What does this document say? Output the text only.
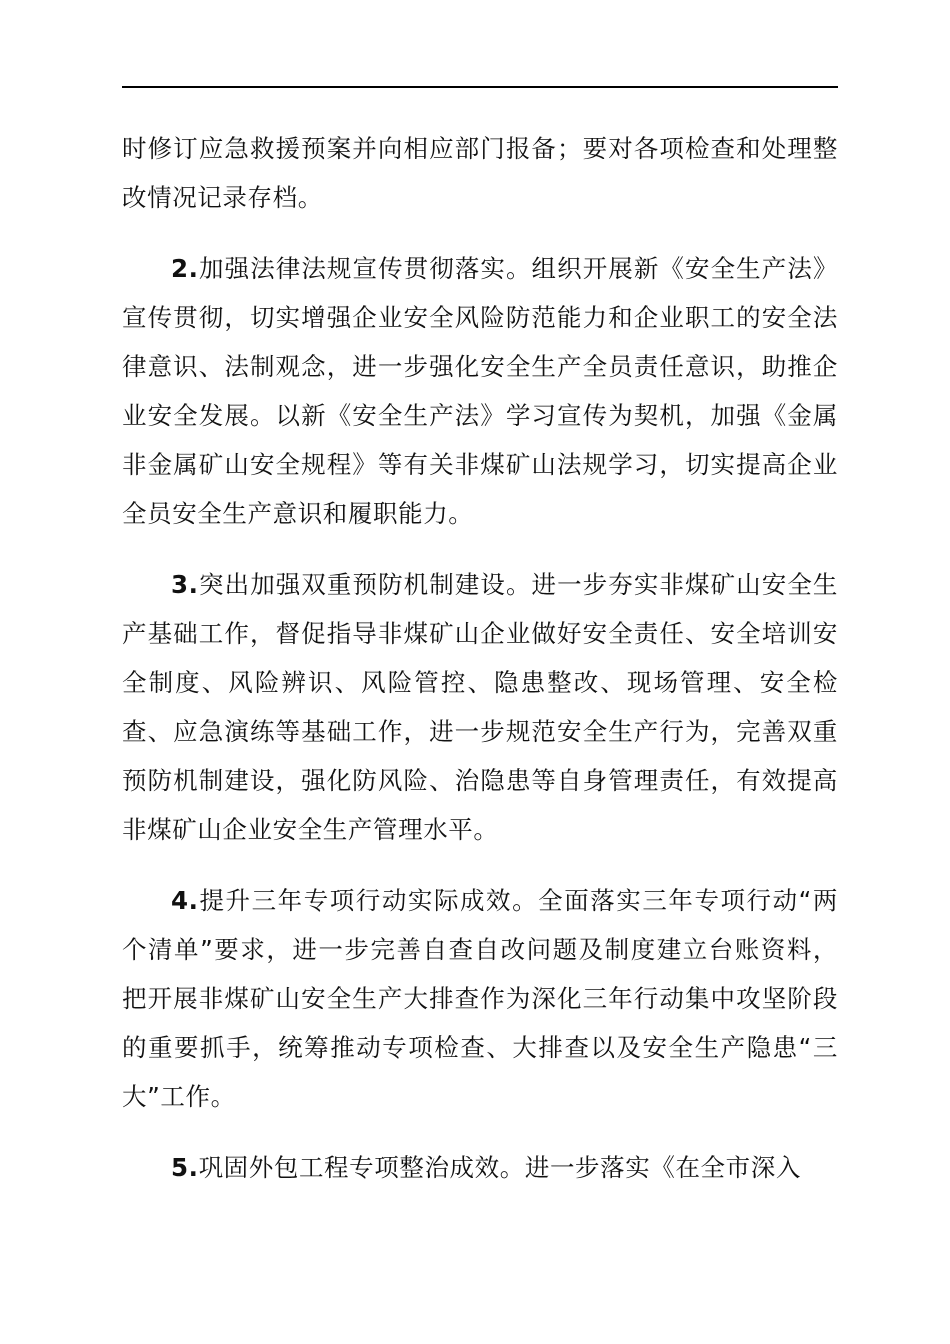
时修订应急救援预案并向相应部门报备；要对各项检查和处理整改情况记录存档。

2.加强法律法规宣传贯彻落实。组织开展新《安全生产法》宣传贯彻，切实增强企业安全风险防范能力和企业职工的安全法律意识、法制观念，进一步强化安全生产全员责任意识，助推企业安全发展。以新《安全生产法》学习宣传为契机，加强《金属非金属矿山安全规程》等有关非煤矿山法规学习，切实提高企业全员安全生产意识和履职能力。

3.突出加强双重预防机制建设。进一步夯实非煤矿山安全生产基础工作，督促指导非煤矿山企业做好安全责任、安全培训安全制度、风险辨识、风险管控、隐患整改、现场管理、安全检查、应急演练等基础工作，进一步规范安全生产行为，完善双重预防机制建设，强化防风险、治隐患等自身管理责任，有效提高非煤矿山企业安全生产管理水平。

4.提升三年专项行动实际成效。全面落实三年专项行动“两个清单”要求，进一步完善自查自改问题及制度建立台账资料，把开展非煤矿山安全生产大排查作为深化三年行动集中攻坚阶段的重要抓手，统筹推动专项检查、大排查以及安全生产隐患“三大”工作。

5.巩固外包工程专项整治成效。进一步落实《在全市深入
